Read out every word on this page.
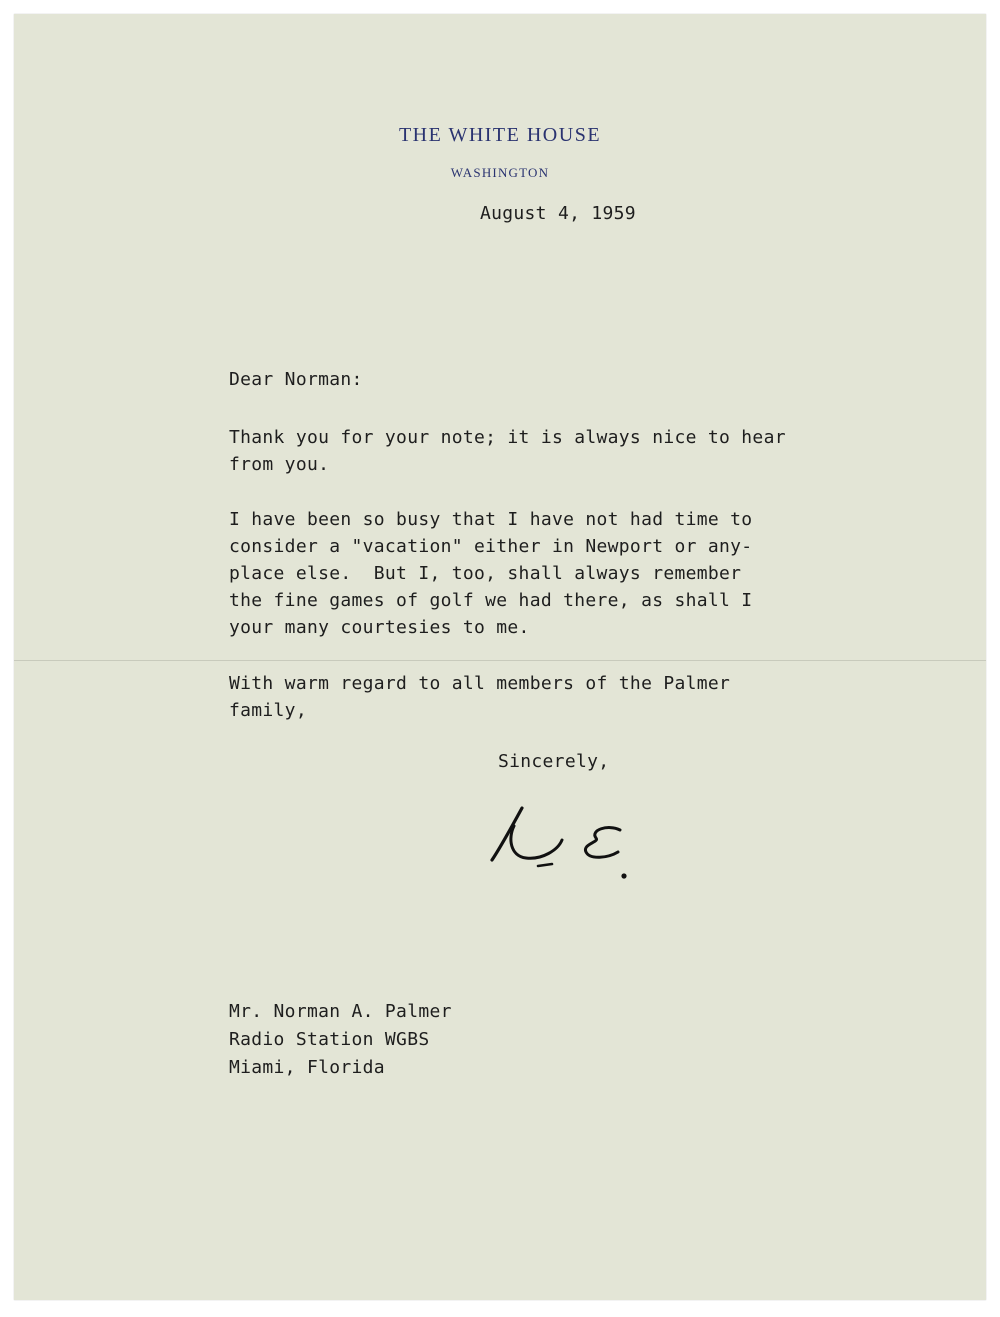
THE WHITE HOUSE
WASHINGTON
August 4, 1959
Dear Norman:
Thank you for your note; it is always nice to hear
from you.
I have been so busy that I have not had time to
consider a "vacation" either in Newport or any-
place else.  But I, too, shall always remember
the fine games of golf we had there, as shall I
your many courtesies to me.
With warm regard to all members of the Palmer
family,
Sincerely,
Mr. Norman A. Palmer
Radio Station WGBS
Miami, Florida
